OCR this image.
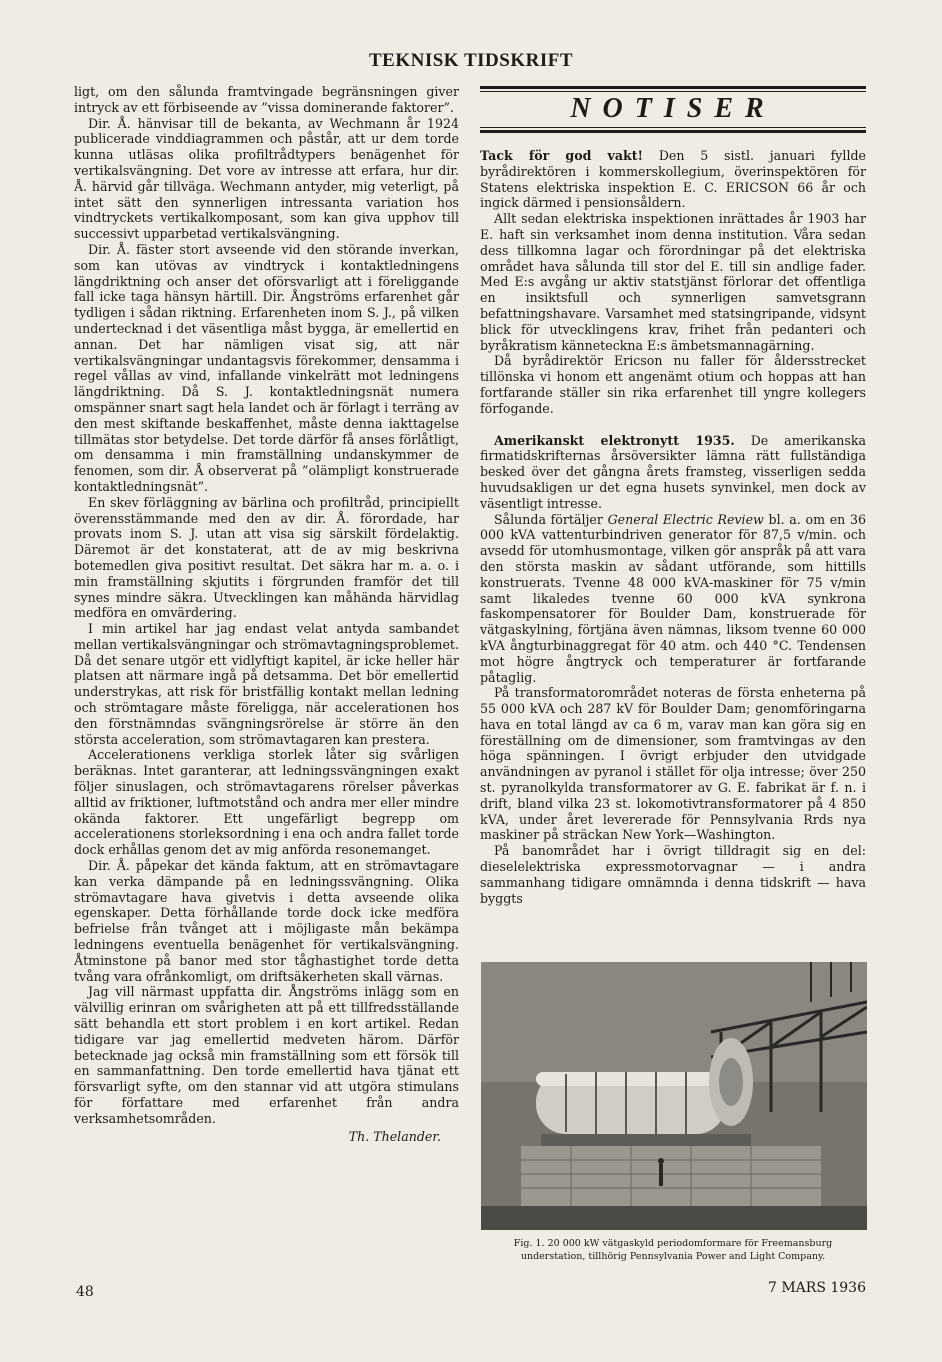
TEKNISK TIDSKRIFT

ligt, om den sålunda framtvingade begränsningen giver intryck av ett förbiseende av ”vissa dominerande faktorer”.

Dir. Å. hänvisar till de bekanta, av Wechmann år 1924 publicerade vinddiagrammen och påstår, att ur dem torde kunna utläsas olika profiltrådtypers benägenhet för vertikalsvängning. Det vore av intresse att erfara, hur dir. Å. härvid går tillväga. Wechmann antyder, mig veterligt, på intet sätt den synnerligen intressanta variation hos vindtryckets vertikalkomposant, som kan giva upphov till successivt upparbetad vertikalsvängning.

Dir. Å. fäster stort avseende vid den störande inverkan, som kan utövas av vindtryck i kontaktledningens längdriktning och anser det oförsvarligt att i föreliggande fall icke taga hänsyn härtill. Dir. Ångströms erfarenhet går tydligen i sådan riktning. Erfarenheten inom S. J., på vilken undertecknad i det väsentliga måst bygga, är emellertid en annan. Det har nämligen visat sig, att när vertikalsvängningar undantagsvis förekommer, densamma i regel vållas av vind, infallande vinkelrätt mot ledningens längdriktning. Då S. J. kontaktledningsnät numera omspänner snart sagt hela landet och är förlagt i terräng av den mest skiftande beskaffenhet, måste denna iakttagelse tillmätas stor betydelse. Det torde därför få anses förlåtligt, om densamma i min framställning undanskymmer de fenomen, som dir. Å observerat på ”olämpligt konstruerade kontaktledningsnät”.

En skev förläggning av bärlina och profiltråd, principiellt överensstämmande med den av dir. Å. förordade, har provats inom S. J. utan att visa sig särskilt fördelaktig. Däremot är det konstaterat, att de av mig beskrivna botemedlen giva positivt resultat. Det säkra har m. a. o. i min framställning skjutits i förgrunden framför det till synes mindre säkra. Utvecklingen kan måhända härvidlag medföra en omvärdering.

I min artikel har jag endast velat antyda sambandet mellan vertikalsvängningar och strömavtagningsproblemet. Då det senare utgör ett vidlyftigt kapitel, är icke heller här platsen att närmare ingå på detsamma. Det bör emellertid understrykas, att risk för bristfällig kontakt mellan ledning och strömtagare måste föreligga, när accelerationen hos den förstnämndas svängningsrörelse är större än den största acceleration, som strömavtagaren kan prestera.

Accelerationens verkliga storlek låter sig svårligen beräknas. Intet garanterar, att ledningssvängningen exakt följer sinuslagen, och strömavtagarens rörelser påverkas alltid av friktioner, luftmotstånd och andra mer eller mindre okända faktorer. Ett ungefärligt begrepp om accelerationens storleksordning i ena och andra fallet torde dock erhållas genom det av mig anförda resonemanget.

Dir. Å. påpekar det kända faktum, att en strömavtagare kan verka dämpande på en ledningssvängning. Olika strömavtagare hava givetvis i detta avseende olika egenskaper. Detta förhållande torde dock icke medföra befrielse från tvånget att i möjligaste mån bekämpa ledningens eventuella benägenhet för vertikalsvängning. Åtminstone på banor med stor tåghastighet torde detta tvång vara ofrånkomligt, om driftsäkerheten skall värnas.

Jag vill närmast uppfatta dir. Ångströms inlägg som en välvillig erinran om svårigheten att på ett tillfredsställande sätt behandla ett stort problem i en kort artikel. Redan tidigare var jag emellertid medveten härom. Därför betecknade jag också min framställning som ett försök till en sammanfattning. Den torde emellertid hava tjänat ett försvarligt syfte, om den stannar vid att utgöra stimulans för författare med erfarenhet från andra verksamhetsområden.

Th. Thelander.
NOTISER

Tack för god vakt! Den 5 sistl. januari fyllde byrådirektören i kommerskollegium, överinspektören för Statens elektriska inspektion E. C. ERICSON 66 år och ingick därmed i pensionsåldern.

Allt sedan elektriska inspektionen inrättades år 1903 har E. haft sin verksamhet inom denna institution. Våra sedan dess tillkomna lagar och förordningar på det elektriska området hava sålunda till stor del E. till sin andlige fader. Med E:s avgång ur aktiv statstjänst förlorar det offentliga en insiktsfull och synnerligen samvetsgrann befattningshavare. Varsamhet med statsingripande, vidsynt blick för utvecklingens krav, frihet från pedanteri och byråkratism känneteckna E:s ämbetsmannagärning.

Då byrådirektör Ericson nu faller för åldersstrecket tillönska vi honom ett angenämt otium och hoppas att han fortfarande ställer sin rika erfarenhet till yngre kollegers förfogande.

Amerikanskt elektronytt 1935. De amerikanska firmatidskrifternas årsöversikter lämna rätt fullständiga besked över det gångna årets framsteg, visserligen sedda huvudsakligen ur det egna husets synvinkel, men dock av väsentligt intresse.

Sålunda förtäljer General Electric Review bl. a. om en 36 000 kVA vattenturbindriven generator för 87,5 v/min. och avsedd för utomhusmontage, vilken gör anspråk på att vara den största maskin av sådant utförande, som hittills konstruerats. Tvenne 48 000 kVA-maskiner för 75 v/min samt likaledes tvenne 60 000 kVA synkrona faskompensatorer för Boulder Dam, konstruerade för vätgaskylning, förtjäna även nämnas, liksom tvenne 60 000 kVA ångturbinaggregat för 40 atm. och 440 °C. Tendensen mot högre ångtryck och temperaturer är fortfarande påtaglig.

På transformatorområdet noteras de första enheterna på 55 000 kVA och 287 kV för Boulder Dam; genomföringarna hava en total längd av ca 6 m, varav man kan göra sig en föreställning om de dimensioner, som framtvingas av den höga spänningen. I övrigt erbjuder den utvidgade användningen av pyranol i stället för olja intresse; över 250 st. pyranolkylda transformatorer av G. E. fabrikat är f. n. i drift, bland vilka 23 st. lokomotivtransformatorer på 4 850 kVA, under året levererade för Pennsylvania Rrds nya maskiner på sträckan New York—Washington.

På banområdet har i övrigt tilldragit sig en del: dieselelektriska expressmotorvagnar — i andra sammanhang tidigare omnämnda i denna tidskrift — hava byggts

Fig. 1. 20 000 kW vätgaskyld periodomformare för Freemansburg understation, tillhörig Pennsylvania Power and Light Company.
48	7 MARS 1936
